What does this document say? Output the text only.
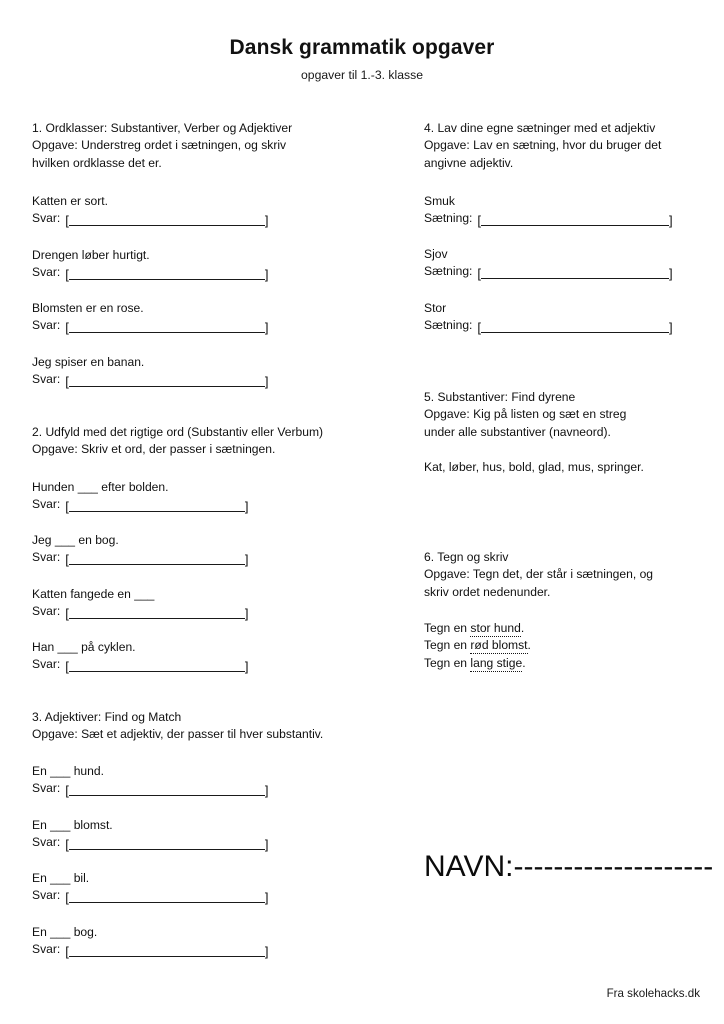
Dansk grammatik opgaver
opgaver til 1.-3. klasse
1. Ordklasser: Substantiver, Verber og Adjektiver
Opgave: Understreg ordet i sætningen, og skriv
hvilken ordklasse det er.
Katten er sort.
Svar: [	]
Drengen løber hurtigt.
Svar: [	]
Blomsten er en rose.
Svar: [	]
Jeg spiser en banan.
Svar: [	]
2. Udfyld med det rigtige ord (Substantiv eller Verbum)
Opgave: Skriv et ord, der passer i sætningen.
Hunden ___ efter bolden.
Svar: [	]
Jeg ___ en bog.
Svar: [	]
Katten fangede en ___
Svar: [	]
Han ___ på cyklen.
Svar: [	]
3. Adjektiver: Find og Match
Opgave: Sæt et adjektiv, der passer til hver substantiv.
En ___ hund.
Svar: [	]
En ___ blomst.
Svar: [	]
En ___ bil.
Svar: [	]
En ___ bog.
Svar: [	]
4. Lav dine egne sætninger med et adjektiv
Opgave: Lav en sætning, hvor du bruger det
angivne adjektiv.
Smuk
Sætning: [	]
Sjov
Sætning: [	]
Stor
Sætning: [	]
5. Substantiver: Find dyrene
Opgave: Kig på listen og sæt en streg
under alle substantiver (navneord).
Kat, løber, hus, bold, glad, mus, springer.
6. Tegn og skriv
Opgave: Tegn det, der står i sætningen, og
skriv ordet nedenunder.
Tegn en stor hund.
Tegn en rød blomst.
Tegn en lang stige.
NAVN: --------------------
Fra skolehacks.dk
